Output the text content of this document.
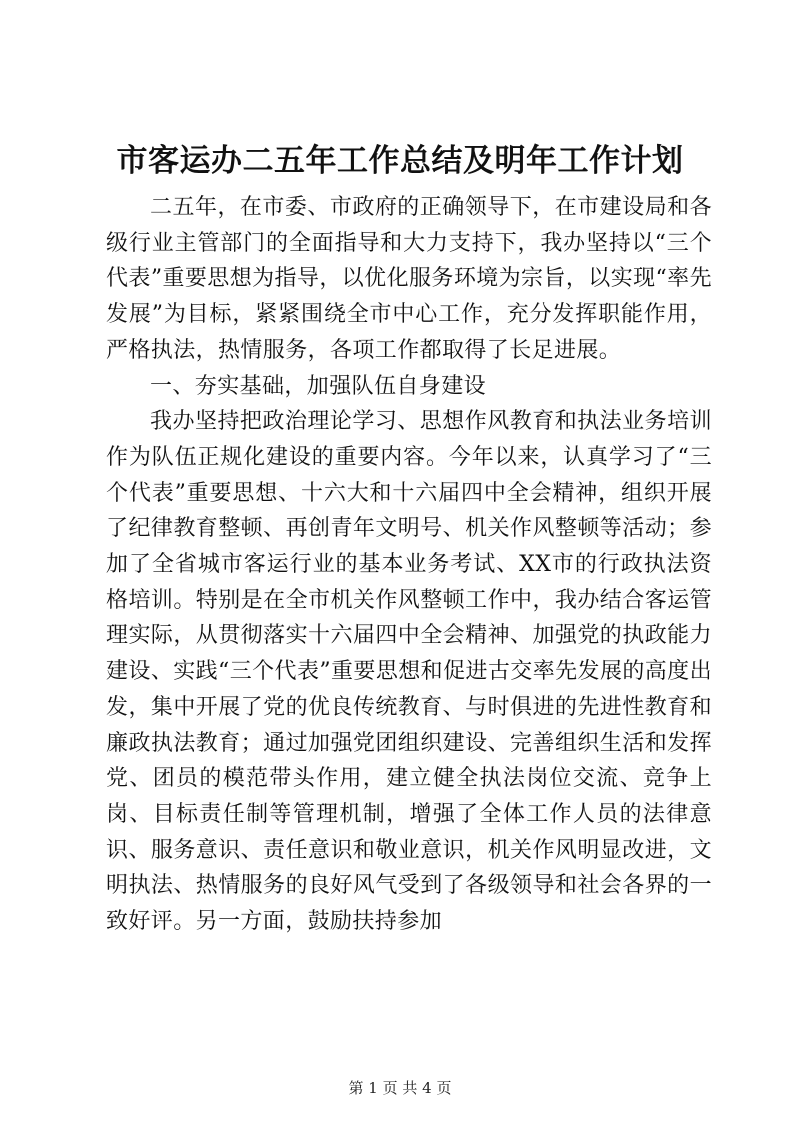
市客运办二五年工作总结及明年工作计划

二五年，在市委、市政府的正确领导下，在市建设局和各级行业主管部门的全面指导和大力支持下，我办坚持以“三个代表”重要思想为指导，以优化服务环境为宗旨，以实现“率先发展”为目标，紧紧围绕全市中心工作，充分发挥职能作用，严格执法，热情服务，各项工作都取得了长足进展。

一、夯实基础，加强队伍自身建设

我办坚持把政治理论学习、思想作风教育和执法业务培训作为队伍正规化建设的重要内容。今年以来，认真学习了“三个代表”重要思想、十六大和十六届四中全会精神，组织开展了纪律教育整顿、再创青年文明号、机关作风整顿等活动；参加了全省城市客运行业的基本业务考试、XX市的行政执法资格培训。特别是在全市机关作风整顿工作中，我办结合客运管理实际，从贯彻落实十六届四中全会精神、加强党的执政能力建设、实践“三个代表”重要思想和促进古交率先发展的高度出发，集中开展了党的优良传统教育、与时俱进的先进性教育和廉政执法教育；通过加强党团组织建设、完善组织生活和发挥党、团员的模范带头作用，建立健全执法岗位交流、竞争上岗、目标责任制等管理机制，增强了全体工作人员的法律意识、服务意识、责任意识和敬业意识，机关作风明显改进，文明执法、热情服务的良好风气受到了各级领导和社会各界的一致好评。另一方面，鼓励扶持参加

第 1 页 共 4 页
